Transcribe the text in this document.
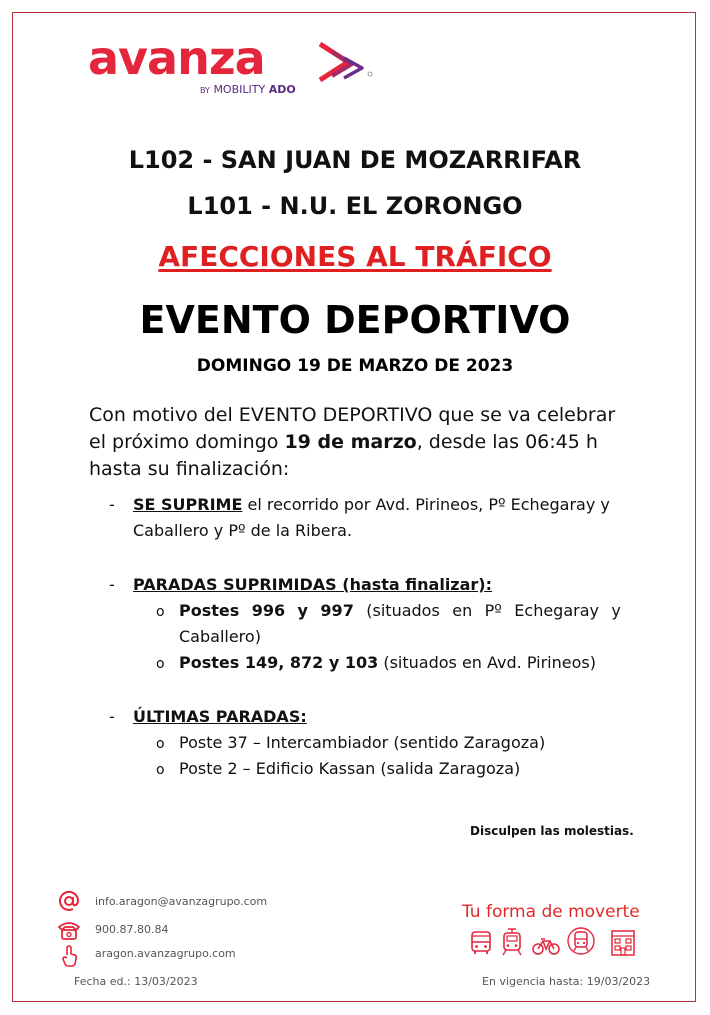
avanza
BY MOBILITY ADO
L102 - SAN JUAN DE MOZARRIFAR
L101 - N.U. EL ZORONGO
AFECCIONES AL TRÁFICO
EVENTO DEPORTIVO
DOMINGO 19 DE MARZO DE 2023
Con motivo del EVENTO DEPORTIVO que se va celebrar el próximo domingo 19 de marzo, desde las 06:45 h hasta su finalización:
- SE SUPRIME el recorrido por Avd. Pirineos, Pº Echegaray y
Caballero y Pº de la Ribera.
- PARADAS SUPRIMIDAS (hasta finalizar):
o Postes 996 y 997 (situados en Pº Echegaray y
Caballero)
o Postes 149, 872 y 103 (situados en Avd. Pirineos)
- ÚLTIMAS PARADAS:
o Poste 37 – Intercambiador (sentido Zaragoza)
o Poste 2 – Edificio Kassan (salida Zaragoza)
Disculpen las molestias.
info.aragon@avanzagrupo.com
900.87.80.84
aragon.avanzagrupo.com
Fecha ed.: 13/03/2023	En vigencia hasta: 19/03/2023
Tu forma de moverte
